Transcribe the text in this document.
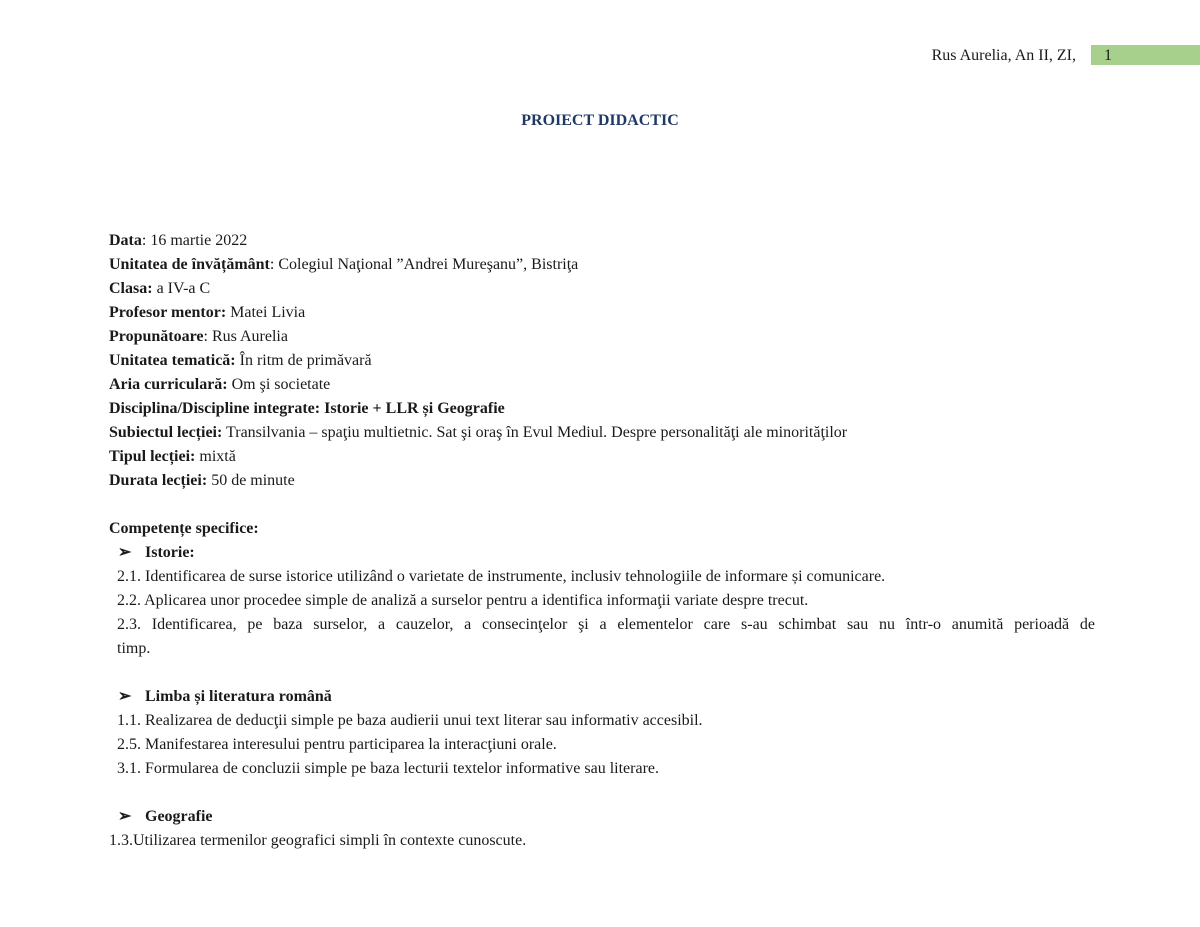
Rus Aurelia, An II, ZI,	1
PROIECT DIDACTIC
Data: 16 martie 2022
Unitatea de învățământ: Colegiul Naţional ”Andrei Mureşanu”, Bistriţa
Clasa: a IV-a C
Profesor mentor: Matei Livia
Propunătoare: Rus Aurelia
Unitatea tematică: În ritm de primăvară
Aria curriculară: Om şi societate
Disciplina/Discipline integrate: Istorie + LLR și Geografie
Subiectul lecției: Transilvania – spaţiu multietnic. Sat şi oraş în Evul Mediul. Despre personalităţi ale minorităţilor
Tipul lecției: mixtă
Durata lecției: 50 de minute
Competențe specifice:
➢ Istorie:
2.1. Identificarea de surse istorice utilizând o varietate de instrumente, inclusiv tehnologiile de informare și comunicare.
2.2. Aplicarea unor procedee simple de analiză a surselor pentru a identifica informaţii variate despre trecut.
2.3. Identificarea, pe baza surselor, a cauzelor, a consecinţelor şi a elementelor care s-au schimbat sau nu într-o anumită perioadă de
timp.
➢ Limba și literatura română
1.1. Realizarea de deducţii simple pe baza audierii unui text literar sau informativ accesibil.
2.5. Manifestarea interesului pentru participarea la interacţiuni orale.
3.1. Formularea de concluzii simple pe baza lecturii textelor informative sau literare.
➢ Geografie
1.3.Utilizarea termenilor geografici simpli în contexte cunoscute.
